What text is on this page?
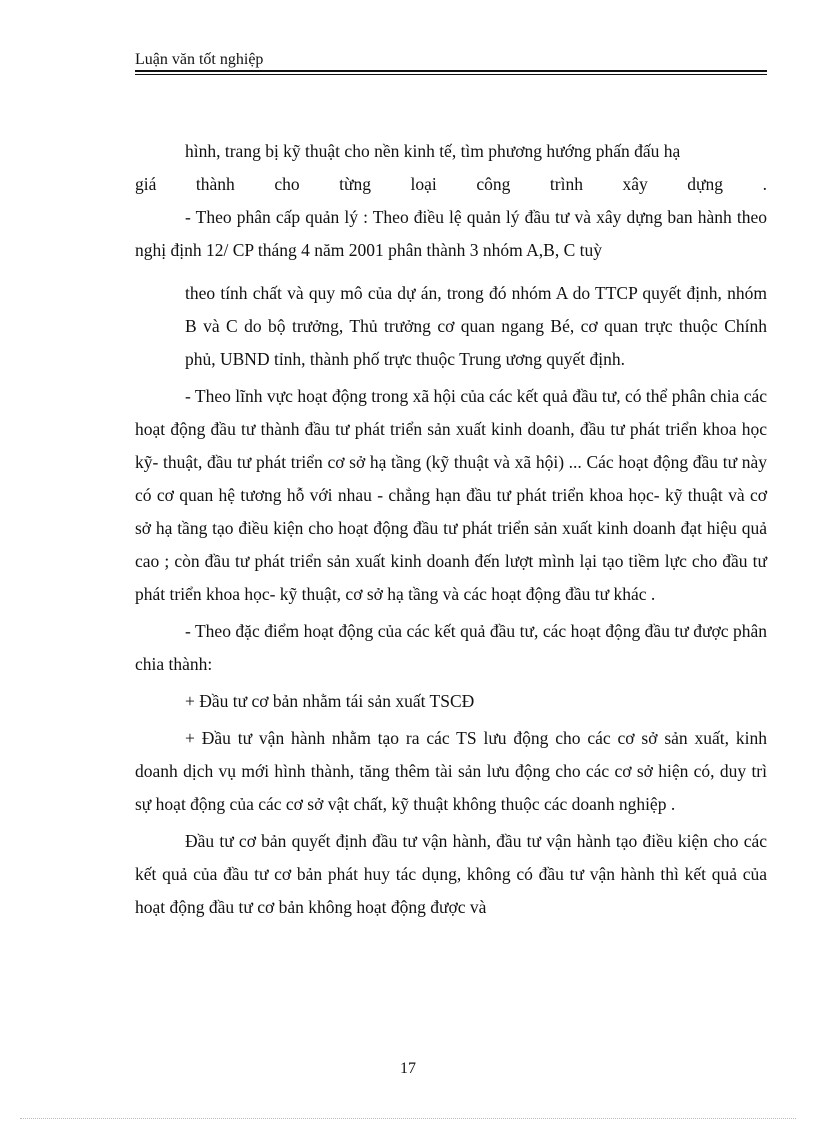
Luận văn tốt nghiệp

hình, trang bị kỹ thuật cho nền kinh tế, tìm phương hướng phấn đấu hạ

giá thành cho từng loại công trình xây dựng .

- Theo phân cấp quản lý : Theo điều lệ quản lý đầu tư và xây dựng ban hành theo nghị định 12/ CP tháng 4 năm 2001 phân thành 3 nhóm A,B, C tuỳ

theo tính chất và quy mô của dự án, trong đó nhóm A do TTCP quyết định, nhóm B và C do bộ trưởng, Thủ trưởng cơ quan ngang Bé, cơ quan trực thuộc Chính phủ, UBND tỉnh, thành phố trực thuộc Trung ương quyết định.

- Theo lĩnh vực hoạt động trong xã hội của các kết quả đầu tư, có thể phân chia các hoạt động đầu tư thành đầu tư phát triển sản xuất kinh doanh, đầu tư phát triển khoa học kỹ- thuật, đầu tư phát triển cơ sở hạ tầng (kỹ thuật và xã hội) ... Các hoạt động đầu tư này có cơ quan hệ tương hỗ với nhau - chẳng hạn đầu tư phát triển khoa học- kỹ thuật và cơ sở hạ tầng tạo điều kiện cho hoạt động đầu tư phát triển sản xuất kinh doanh đạt hiệu quả cao ; còn đầu tư phát triển sản xuất kinh doanh đến lượt mình lại tạo tiềm lực cho đầu tư phát triển khoa học- kỹ thuật, cơ sở hạ tầng và các hoạt động đầu tư khác .

- Theo đặc điểm hoạt động của các kết quả đầu tư, các hoạt động đầu tư được phân chia thành:

+ Đầu tư cơ bản nhằm tái sản xuất TSCĐ

+ Đầu tư vận hành nhằm tạo ra các TS lưu động cho các cơ sở sản xuất, kinh doanh dịch vụ mới hình thành, tăng thêm tài sản lưu động cho các cơ sở hiện có, duy trì sự hoạt động của các cơ sở vật chất, kỹ thuật không thuộc các doanh nghiệp .

Đầu tư cơ bản quyết định đầu tư vận hành, đầu tư vận hành tạo điều kiện cho các kết quả của đầu tư cơ bản phát huy tác dụng, không có đầu tư vận hành thì kết quả của hoạt động đầu tư cơ bản không hoạt động được và

17
